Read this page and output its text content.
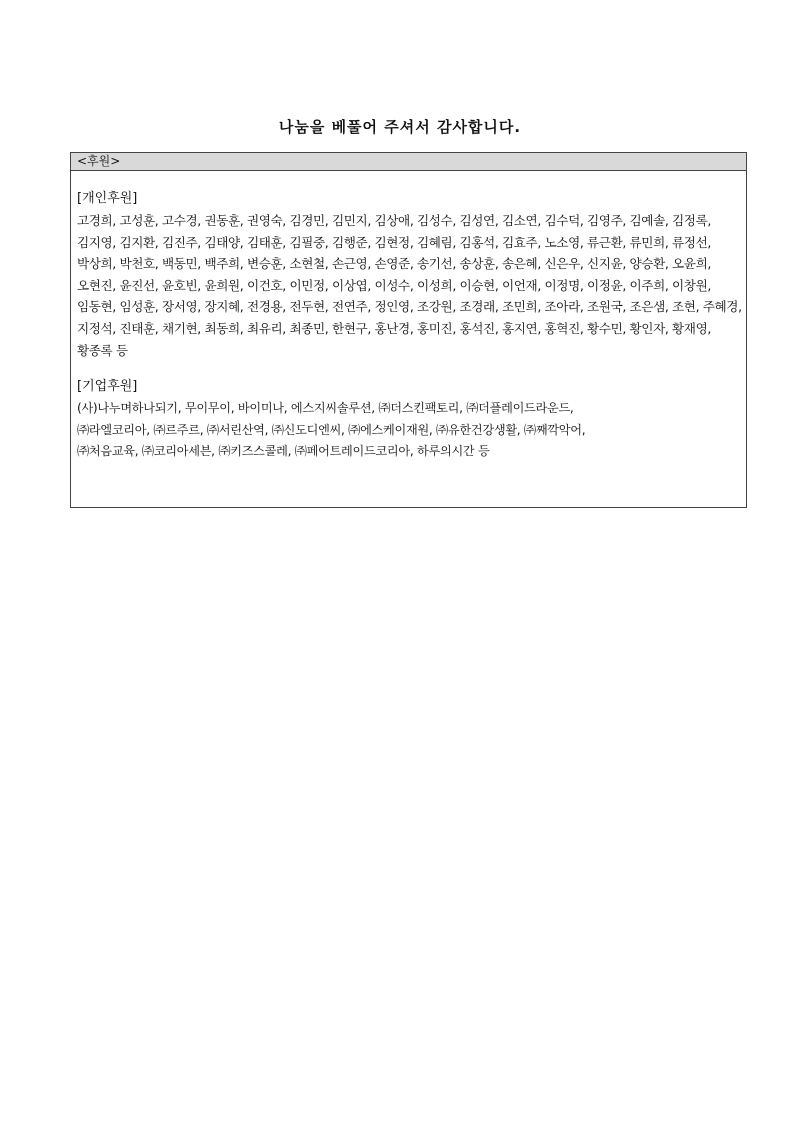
나눔을 베풀어 주셔서 감사합니다.
<후원>
[개인후원]
고경희, 고성훈, 고수경, 권동훈, 권영숙, 김경민, 김민지, 김상애, 김성수, 김성연, 김소연, 김수덕, 김영주, 김예솔, 김정록, 김지영, 김지환, 김진주, 김태양, 김태훈, 김필중, 김행준, 김현정, 김혜림, 김홍석, 김효주, 노소영, 류근환, 류민희, 류정선, 박상희, 박천호, 백동민, 백주희, 변승훈, 소현철, 손근영, 손영준, 송기선, 송상훈, 송은혜, 신은우, 신지윤, 양승환, 오윤희, 오현진, 윤진선, 윤호빈, 윤희원, 이건호, 이민정, 이상엽, 이성수, 이성희, 이승현, 이언재, 이정명, 이정윤, 이주희, 이창원, 임동현, 임성훈, 장서영, 장지혜, 전경용, 전두현, 전연주, 정인영, 조강원, 조경래, 조민희, 조아라, 조원국, 조은샘, 조현, 주혜경, 지정석, 진태훈, 채기현, 최동희, 최유리, 최종민, 한현구, 홍난경, 홍미진, 홍석진, 홍지연, 홍혁진, 황수민, 황인자, 황재영, 황종록 등
[기업후원]
(사)나누며하나되기, 무이무이, 바이미나, 에스지씨솔루션, ㈜더스킨팩토리, ㈜더플레이드라운드,
㈜라엘코리아, ㈜르주르, ㈜서린산역, ㈜신도디엔씨, ㈜에스케이재원, ㈜유한건강생활, ㈜째깍악어,
㈜처음교육, ㈜코리아세븐, ㈜키즈스콜레, ㈜페어트레이드코리아, 하루의시간 등
